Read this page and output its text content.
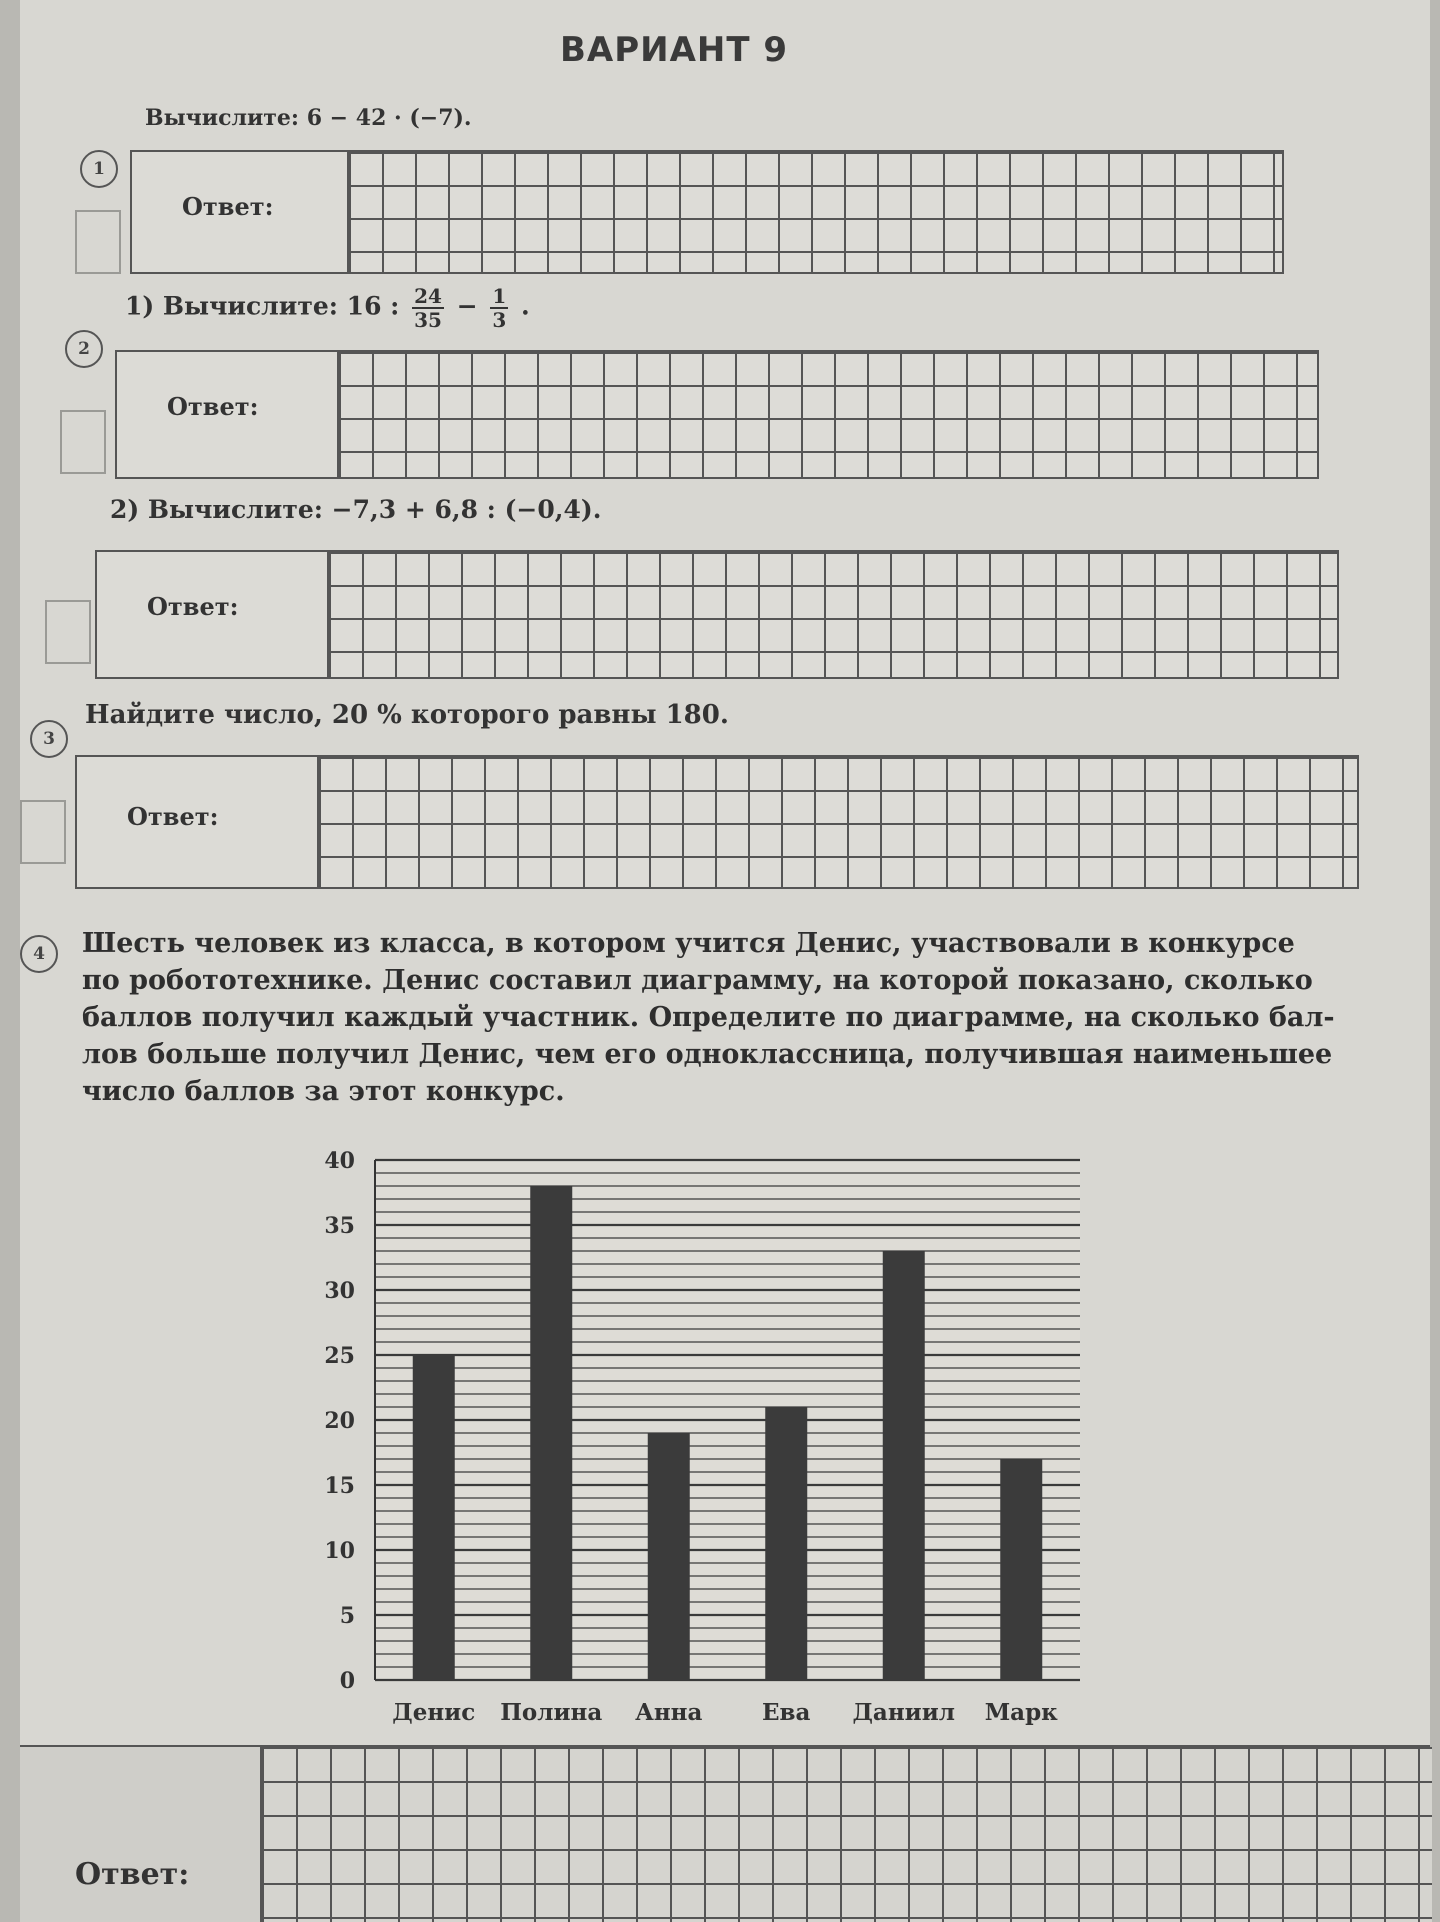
ВАРИАНТ 9
1
Вычислите: 6 − 42 · (−7).
Ответ:
2
1) Вычислите: 16 : $\frac{24}{35} - \frac{1}{3}$ .
Ответ:
2) Вычислите: −7,3 + 6,8 : (−0,4).
Ответ:
3
Найдите число, 20 % которого равны 180.
Ответ:
4	Шесть человек из класса, в котором учится Денис, участвовали в конкурсе

по робототехнике. Денис составил диаграмму, на которой показано, сколько

баллов получил каждый участник. Определите по диаграмме, на сколько бал-

лов больше получил Денис, чем его одноклассница, получившая наименьшее

число баллов за этот конкурс.

0
5
10
15
20
25
30
35
40
Денис Полина Анна	Ева Даниил Марк
Ответ:
